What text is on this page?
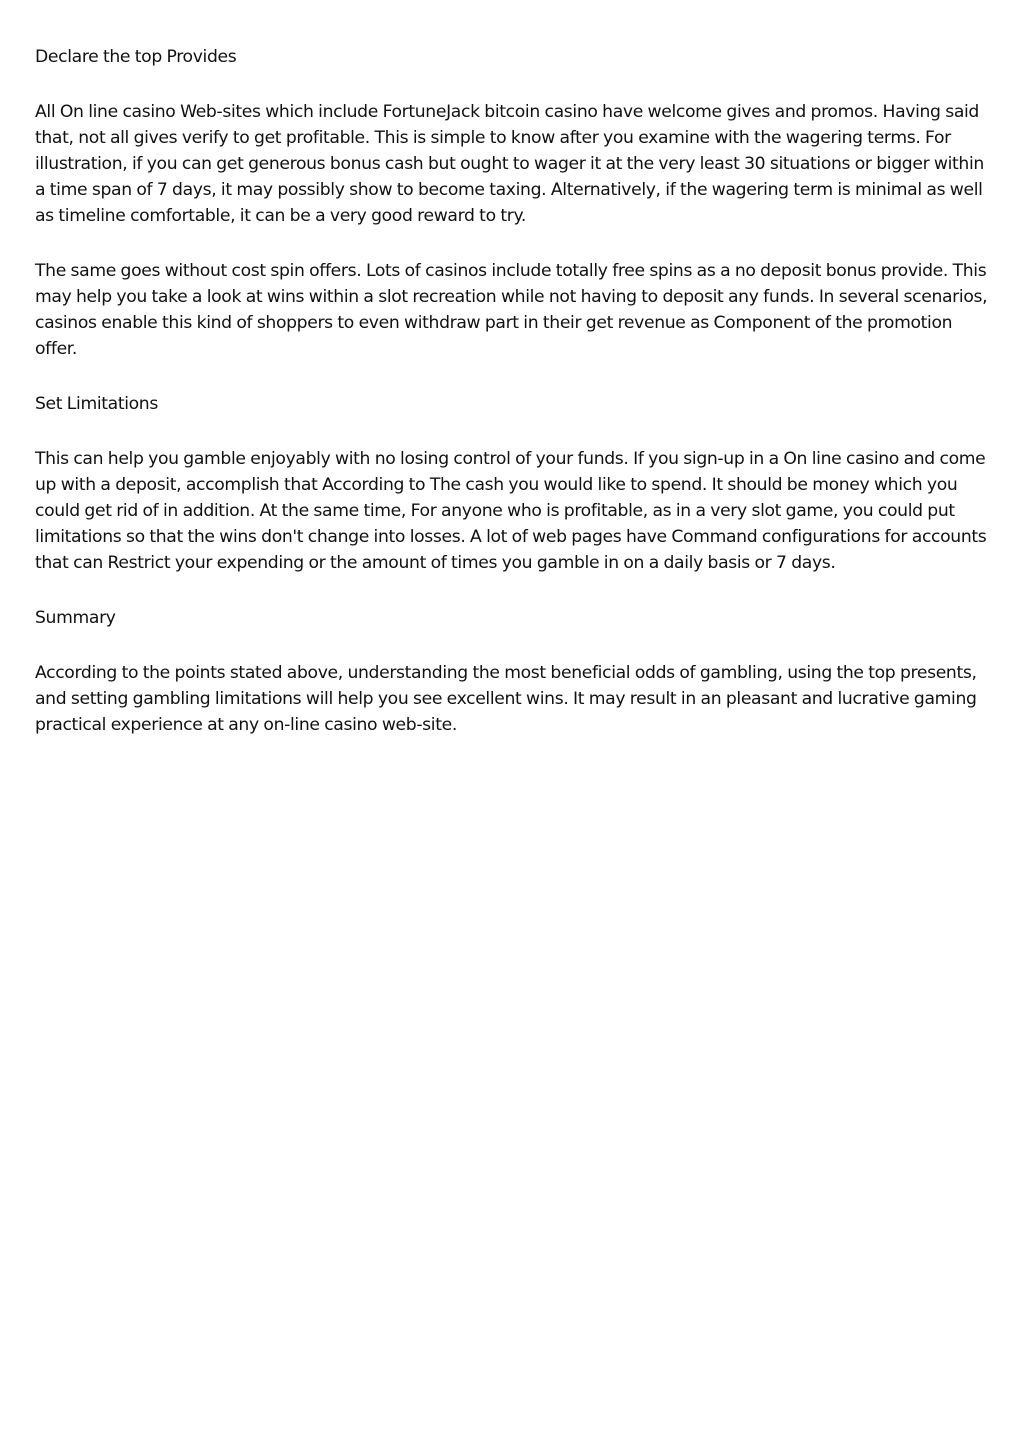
Declare the top Provides

All On line casino Web-sites which include FortuneJack bitcoin casino have welcome gives and promos. Having said that, not all gives verify to get profitable. This is simple to know after you examine with the wagering terms. For illustration, if you can get generous bonus cash but ought to wager it at the very least 30 situations or bigger within a time span of 7 days, it may possibly show to become taxing. Alternatively, if the wagering term is minimal as well as timeline comfortable, it can be a very good reward to try.

The same goes without cost spin offers. Lots of casinos include totally free spins as a no deposit bonus provide. This may help you take a look at wins within a slot recreation while not having to deposit any funds. In several scenarios, casinos enable this kind of shoppers to even withdraw part in their get revenue as Component of the promotion offer.

Set Limitations

This can help you gamble enjoyably with no losing control of your funds. If you sign-up in a On line casino and come up with a deposit, accomplish that According to The cash you would like to spend. It should be money which you could get rid of in addition. At the same time, For anyone who is profitable, as in a very slot game, you could put limitations so that the wins don't change into losses. A lot of web pages have Command configurations for accounts that can Restrict your expending or the amount of times you gamble in on a daily basis or 7 days.

Summary

According to the points stated above, understanding the most beneficial odds of gambling, using the top presents, and setting gambling limitations will help you see excellent wins. It may result in an pleasant and lucrative gaming practical experience at any on-line casino web-site.
